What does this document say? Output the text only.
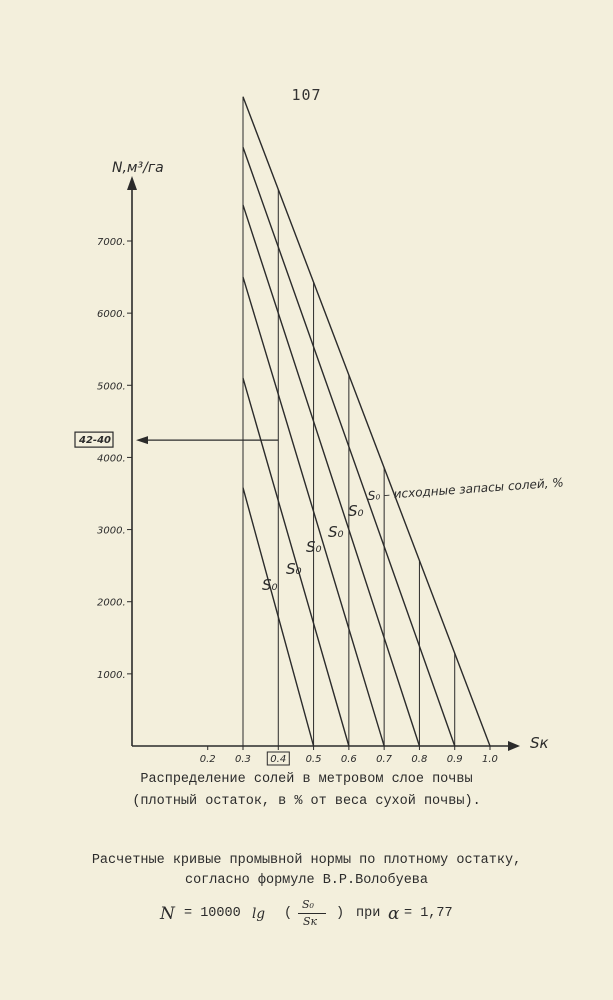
107
1000.
2000.
3000.
4000.
5000.
6000.
7000.
0.2 0.3 0.4 0.5 0.6 0.7 0.8 0.9 1.0
S₀
S₀
S₀
S₀
S₀
42-40
N,м³/га
Sк
S₀ – исходные запасы солей, %
Распределение солей в метровом слое почвы
(плотный остаток, в % от веса сухой почвы).
Расчетные кривые промывной нормы по плотному остатку,
согласно формуле В.Р.Волобуева
N = 10000 lg (
S₀
Sк
) при α = 1,77
